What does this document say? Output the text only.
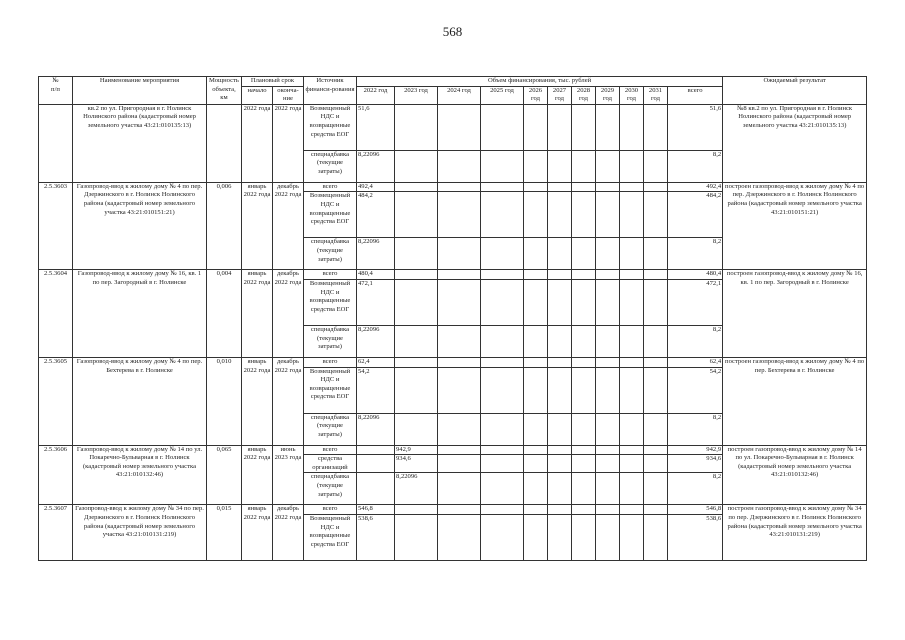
568
№
п/п	Наименование мероприятия	Мощность объекта, км	Плановый срок		Источник финанси-рования	Объем финансирования, тыс. рублей											Ожидаемый результат
			начало	оконча-ние		2022 год	2023 год	2024 год	2025 год	2026 год	2027 год	2028 год	2029 год	2030 год	2031 год	всего	
	кв.2 по ул. Пригородная в г. Нолинск Нолинского района (кадастровый номер земельного участка 43:21:010135:13)		2022 года	2022 года	Возмещенный НДС и возвращенные средства ЕОГ	51,6										51,6	№8 кв.2 по ул. Пригородная в г. Нолинск Нолинского района (кадастровый номер земельного участка 43:21:010135:13)
					спецнадбавка (текущие затраты)	8,22096										8,2	
2.5.3603	Газопровод-ввод к жилому дому № 4 по пер. Дзержинского в г. Нолинск Нолинского района (кадастровый номер земельного участка 43:21:010151:21)	0,006	январь 2022 года	декабрь 2022 года	всего	492,4										492,4	построен газопровод-ввод к жилому дому № 4 по пер. Дзержинского в г. Нолинск Нолинского района (кадастровый номер земельного участка 43:21:010151:21)
					Возмещенный НДС и возвращенные средства ЕОГ	484,2										484,2	
					спецнадбавка (текущие затраты)	8,22096										8,2	
2.5.3604	Газопровод-ввод к жилому дому № 16, кв. 1 по пер. Загородный в г. Нолинске	0,004	январь 2022 года	декабрь 2022 года	всего	480,4										480,4	построен газопровод-ввод к жилому дому № 16, кв. 1 по пер. Загородный в г. Нолинске
					Возмещенный НДС и возвращенные средства ЕОГ	472,1										472,1	
					спецнадбавка (текущие затраты)	8,22096										8,2	
2.5.3605	Газопровод-ввод к жилому дому № 4 по пер. Бехтерева в г. Нолинске	0,010	январь 2022 года	декабрь 2022 года	всего	62,4										62,4	построен газопровод-ввод к жилому дому № 4 по пер. Бехтерева в г. Нолинске
					Возмещенный НДС и возвращенные средства ЕОГ	54,2										54,2	
					спецнадбавка (текущие затраты)	8,22096										8,2	
2.5.3606	Газопровод-ввод к жилому дому № 14 по ул. Покаречно-Бульварная в г. Нолинск (кадастровый номер земельного участка 43:21:010132:46)	0,065	январь 2022 года	июнь 2023 года	всего		942,9									942,9	построен газопровод-ввод к жилому дому № 14 по ул. Покаречно-Бульварная в г. Нолинск (кадастровый номер земельного участка 43:21:010132:46)
					средства организаций		934,6									934,6	
					спецнадбавка (текущие затраты)		8,22096									8,2	
2.5.3607	Газопровод-ввод к жилому дому № 34 по пер. Дзержинского в г. Нолинск Нолинского района (кадастровый номер земельного участка 43:21:010131:219)	0,015	январь 2022 года	декабрь 2022 года	всего	546,8										546,8	построен газопровод-ввод к жилому дому № 34 по пер. Дзержинского в г. Нолинск Нолинского района (кадастровый номер земельного участка 43:21:010131:219)
					Возмещенный НДС и возвращенные средства ЕОГ	538,6										538,6	
